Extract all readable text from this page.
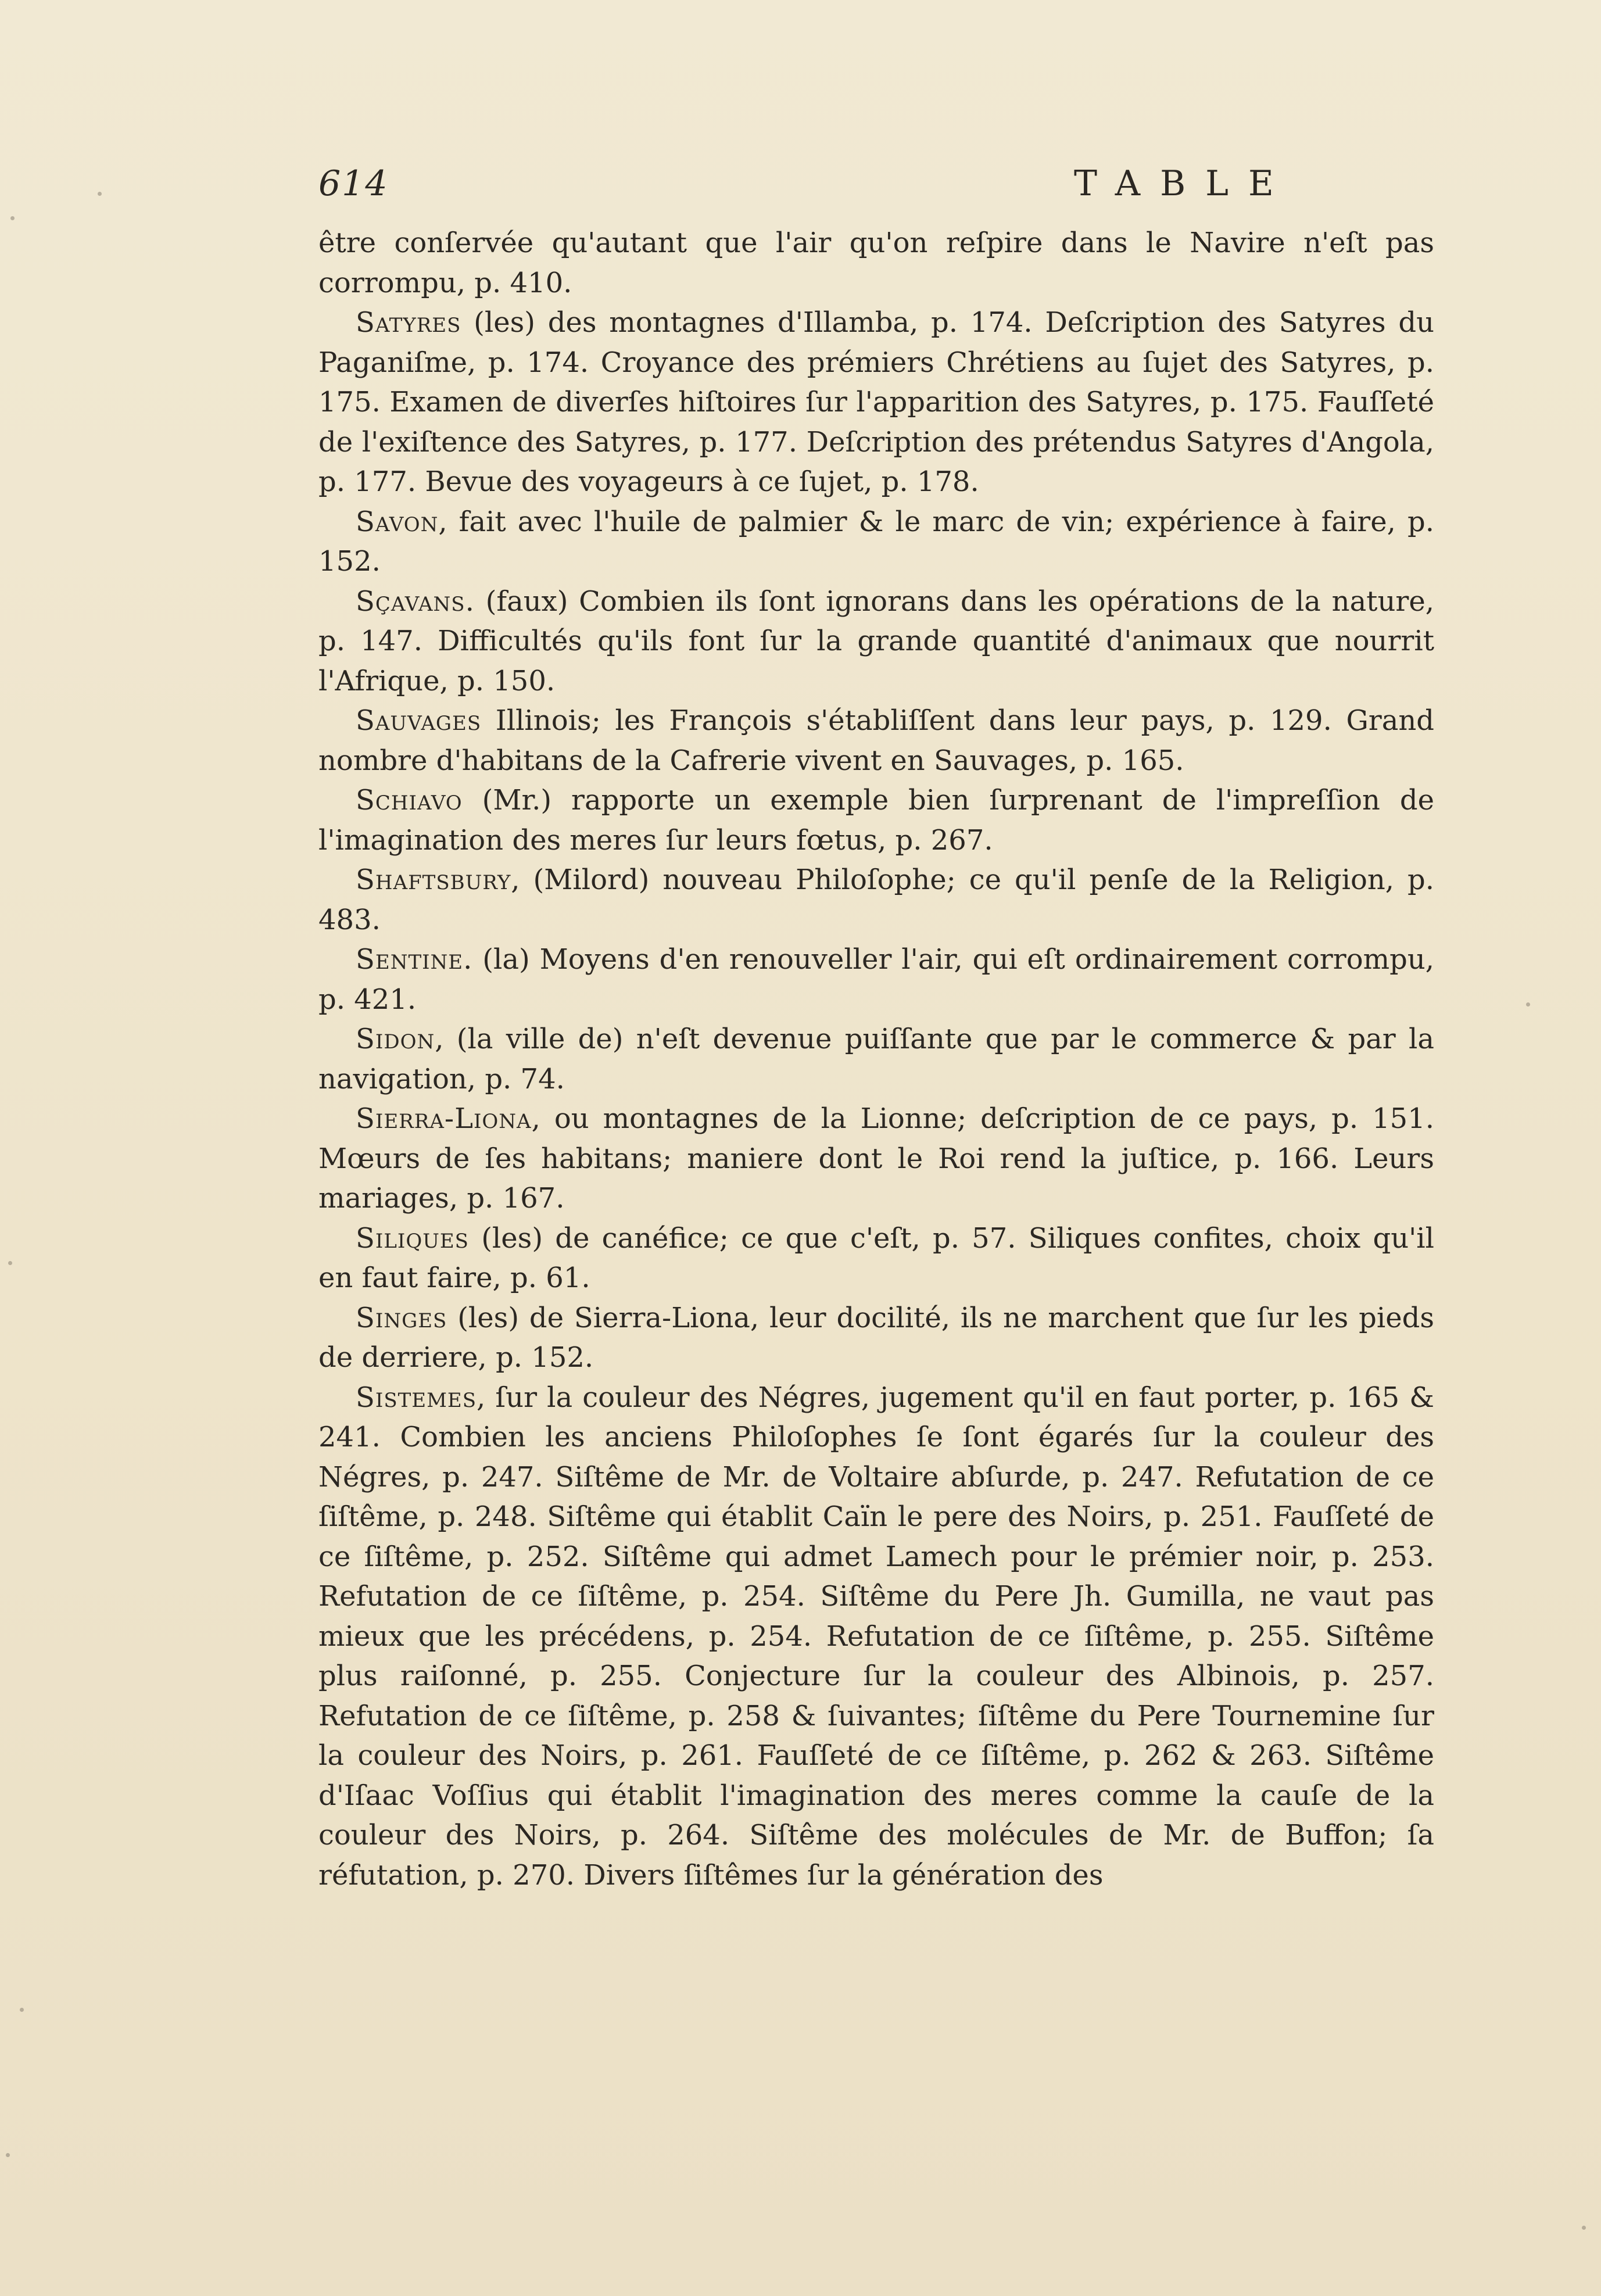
614	TABLE

être conſervée qu'autant que l'air qu'on reſpire dans le Navire n'eſt pas corrompu, p. 410.

Satyres (les) des montagnes d'Illamba, p. 174. Deſcription des Satyres du Paganiſme, p. 174. Croyance des prémiers Chrétiens au ſujet des Satyres, p. 175. Examen de diverſes hiſtoires ſur l'apparition des Satyres, p. 175. Fauſſeté de l'exiſtence des Satyres, p. 177. Deſcription des prétendus Satyres d'Angola, p. 177. Bevue des voyageurs à ce ſujet, p. 178.

Savon, fait avec l'huile de palmier & le marc de vin; expérience à faire, p. 152.

Sçavans. (faux) Combien ils ſont ignorans dans les opérations de la nature, p. 147. Difficultés qu'ils font ſur la grande quantité d'animaux que nourrit l'Afrique, p. 150.

Sauvages Illinois; les François s'établiſſent dans leur pays, p. 129. Grand nombre d'habitans de la Cafrerie vivent en Sauvages, p. 165.

Schiavo (Mr.) rapporte un exemple bien ſurprenant de l'impreſſion de l'imagination des meres ſur leurs fœtus, p. 267.

Shaftsbury, (Milord) nouveau Philoſophe; ce qu'il penſe de la Religion, p. 483.

Sentine. (la) Moyens d'en renouveller l'air, qui eſt ordinairement corrompu, p. 421.

Sidon, (la ville de) n'eſt devenue puiſſante que par le commerce & par la navigation, p. 74.

Sierra-Liona, ou montagnes de la Lionne; deſcription de ce pays, p. 151. Mœurs de ſes habitans; maniere dont le Roi rend la juſtice, p. 166. Leurs mariages, p. 167.

Siliques (les) de canéfice; ce que c'eſt, p. 57. Siliques confites, choix qu'il en faut faire, p. 61.

Singes (les) de Sierra-Liona, leur docilité, ils ne marchent que ſur les pieds de derriere, p. 152.

Sistemes, ſur la couleur des Négres, jugement qu'il en faut porter, p. 165 & 241. Combien les anciens Philoſophes ſe ſont égarés ſur la couleur des Négres, p. 247. Siſtême de Mr. de Voltaire abſurde, p. 247. Refutation de ce ſiſtême, p. 248. Siſtême qui établit Caïn le pere des Noirs, p. 251. Fauſſeté de ce ſiſtême, p. 252. Siſtême qui admet Lamech pour le prémier noir, p. 253. Refutation de ce ſiſtême, p. 254. Siſtême du Pere Jh. Gumilla, ne vaut pas mieux que les précédens, p. 254. Refutation de ce ſiſtême, p. 255. Siſtême plus raiſonné, p. 255. Conjecture ſur la couleur des Albinois, p. 257. Refutation de ce ſiſtême, p. 258 & ſuivantes; ſiſtême du Pere Tournemine ſur la couleur des Noirs, p. 261. Fauſſeté de ce ſiſtême, p. 262 & 263. Siſtême d'Iſaac Voſſius qui établit l'imagination des meres comme la cauſe de la couleur des Noirs, p. 264. Siſtême des molécules de Mr. de Buffon; ſa réfutation, p. 270. Divers ſiſtêmes ſur la génération des
